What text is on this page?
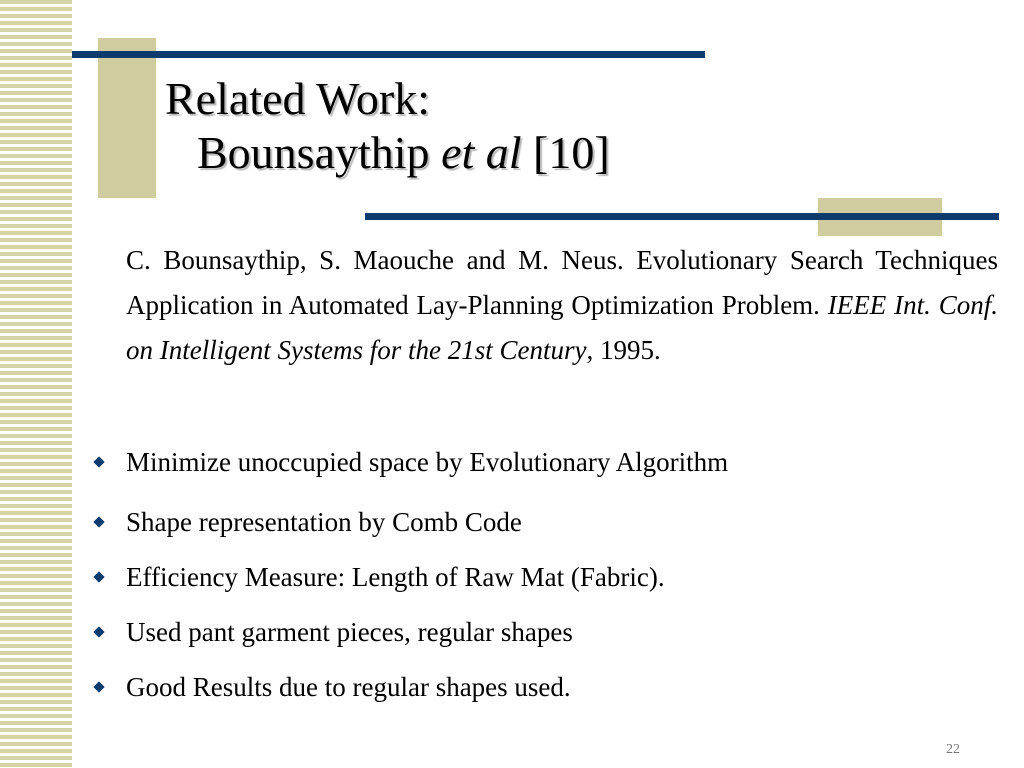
Related Work:
Bounsaythip et al [10]
C. Bounsaythip, S. Maouche and M. Neus. Evolutionary Search Techniques Application in Automated Lay-Planning Optimization Problem. IEEE Int. Conf. on Intelligent Systems for the 21st Century, 1995.
Minimize unoccupied space by Evolutionary Algorithm
Shape representation by Comb Code
Efficiency Measure: Length of Raw Mat (Fabric).
Used pant garment pieces, regular shapes
Good Results due to regular shapes used.
22
